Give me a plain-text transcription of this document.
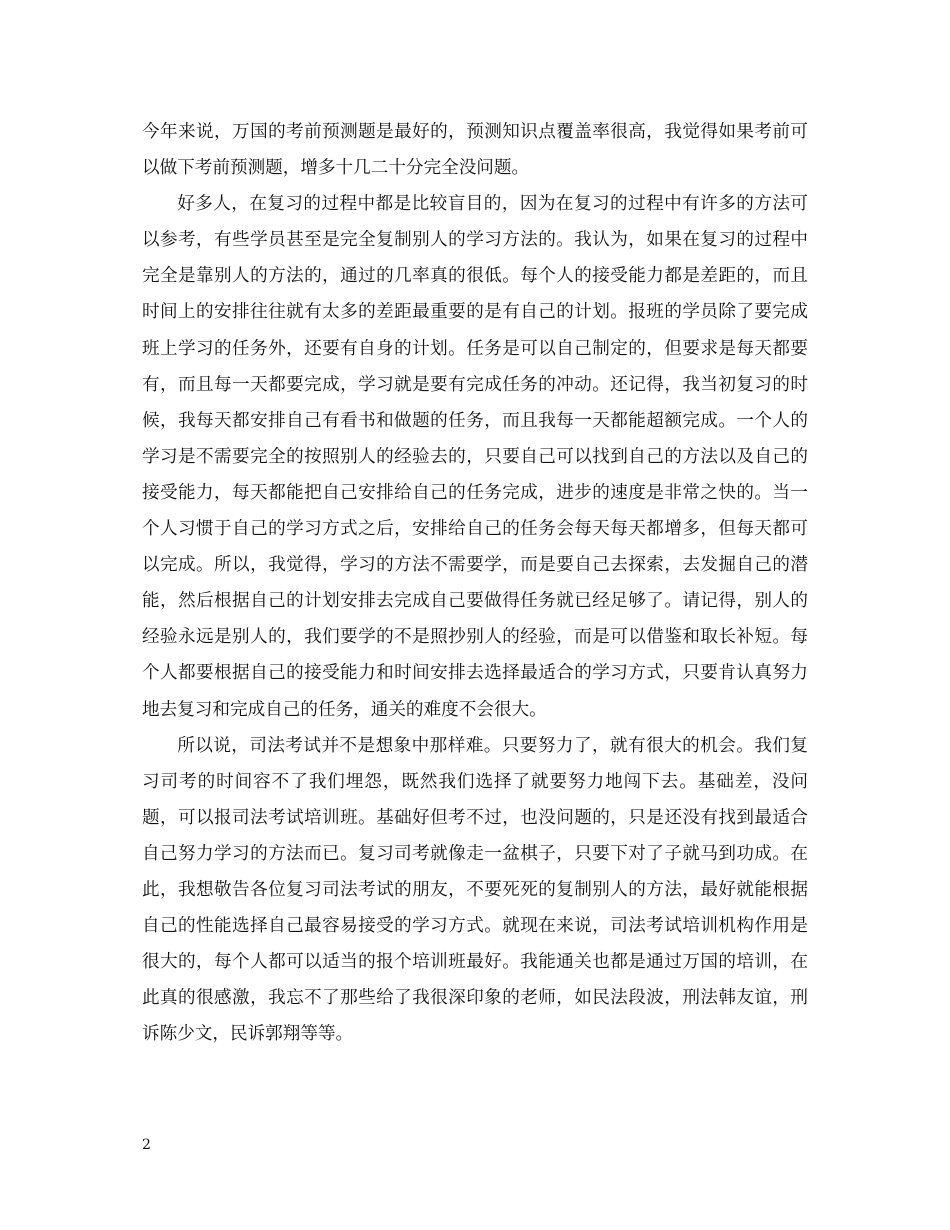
今年来说，万国的考前预测题是最好的，预测知识点覆盖率很高，我觉得如果考前可以做下考前预测题，增多十几二十分完全没问题。

好多人，在复习的过程中都是比较盲目的，因为在复习的过程中有许多的方法可以参考，有些学员甚至是完全复制别人的学习方法的。我认为，如果在复习的过程中完全是靠别人的方法的，通过的几率真的很低。每个人的接受能力都是差距的，而且时间上的安排往往就有太多的差距最重要的是有自己的计划。报班的学员除了要完成班上学习的任务外，还要有自身的计划。任务是可以自己制定的，但要求是每天都要有，而且每一天都要完成，学习就是要有完成任务的冲动。还记得，我当初复习的时候，我每天都安排自己有看书和做题的任务，而且我每一天都能超额完成。一个人的学习是不需要完全的按照别人的经验去的，只要自己可以找到自己的方法以及自己的接受能力，每天都能把自己安排给自己的任务完成，进步的速度是非常之快的。当一个人习惯于自己的学习方式之后，安排给自己的任务会每天每天都增多，但每天都可以完成。所以，我觉得，学习的方法不需要学，而是要自己去探索，去发掘自己的潜能，然后根据自己的计划安排去完成自己要做得任务就已经足够了。请记得，别人的经验永远是别人的，我们要学的不是照抄别人的经验，而是可以借鉴和取长补短。每个人都要根据自己的接受能力和时间安排去选择最适合的学习方式，只要肯认真努力地去复习和完成自己的任务，通关的难度不会很大。

所以说，司法考试并不是想象中那样难。只要努力了，就有很大的机会。我们复习司考的时间容不了我们埋怨，既然我们选择了就要努力地闯下去。基础差，没问题，可以报司法考试培训班。基础好但考不过，也没问题的，只是还没有找到最适合自己努力学习的方法而已。复习司考就像走一盆棋子，只要下对了子就马到功成。在此，我想敬告各位复习司法考试的朋友，不要死死的复制别人的方法，最好就能根据自己的性能选择自己最容易接受的学习方式。就现在来说，司法考试培训机构作用是很大的，每个人都可以适当的报个培训班最好。我能通关也都是通过万国的培训，在此真的很感激，我忘不了那些给了我很深印象的老师，如民法段波，刑法韩友谊，刑诉陈少文，民诉郭翔等等。

2
